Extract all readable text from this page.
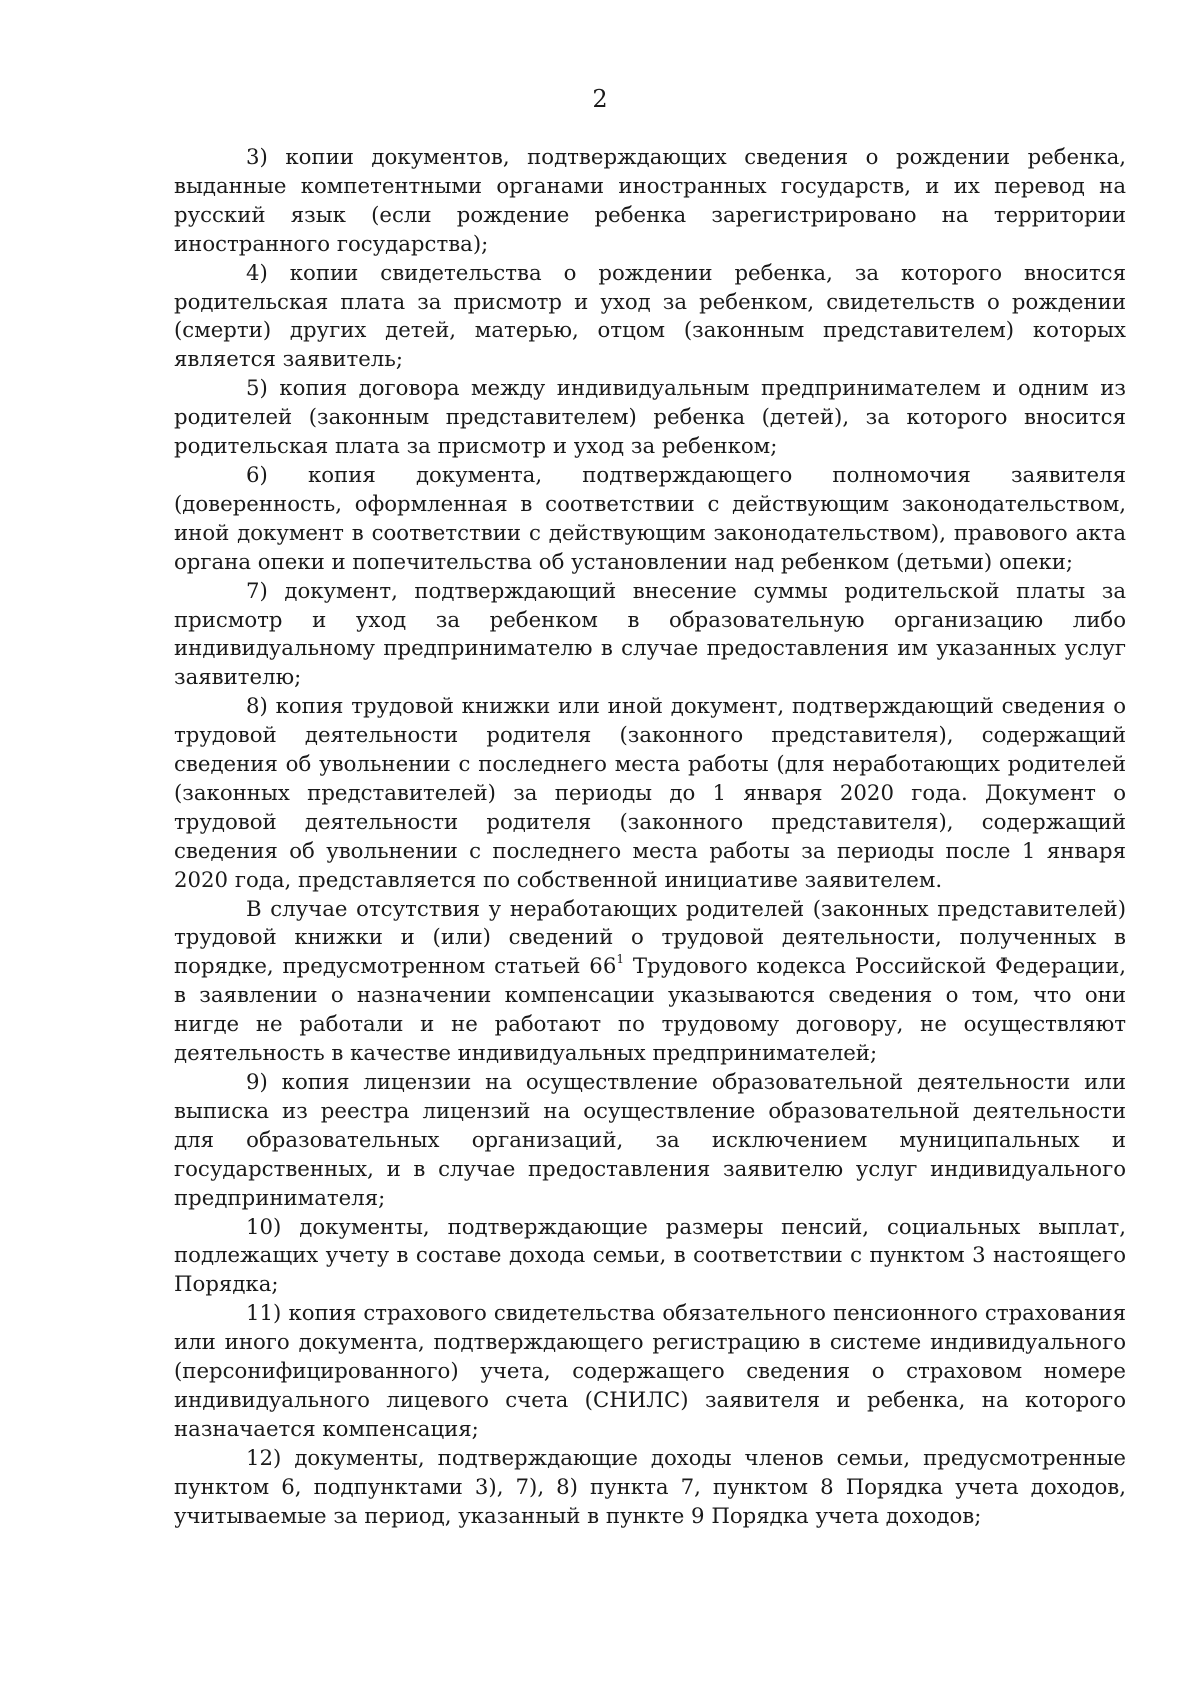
2

3) копии документов, подтверждающих сведения о рождении ребенка, выданные компетентными органами иностранных государств, и их перевод на русский язык (если рождение ребенка зарегистрировано на территории иностранного государства);

4) копии свидетельства о рождении ребенка, за которого вносится родительская плата за присмотр и уход за ребенком, свидетельств о рождении (смерти) других детей, матерью, отцом (законным представителем) которых является заявитель;

5) копия договора между индивидуальным предпринимателем и одним из родителей (законным представителем) ребенка (детей), за которого вносится родительская плата за присмотр и уход за ребенком;

6) копия документа, подтверждающего полномочия заявителя (доверенность, оформленная в соответствии с действующим законодательством, иной документ в соответствии с действующим законодательством), правового акта органа опеки и попечительства об установлении над ребенком (детьми) опеки;

7) документ, подтверждающий внесение суммы родительской платы за присмотр и уход за ребенком в образовательную организацию либо индивидуальному предпринимателю в случае предоставления им указанных услуг заявителю;

8) копия трудовой книжки или иной документ, подтверждающий сведения о трудовой деятельности родителя (законного представителя), содержащий сведения об увольнении с последнего места работы (для неработающих родителей (законных представителей) за периоды до 1 января 2020 года. Документ о трудовой деятельности родителя (законного представителя), содержащий сведения об увольнении с последнего места работы за периоды после 1 января 2020 года, представляется по собственной инициативе заявителем.

В случае отсутствия у неработающих родителей (законных представителей) трудовой книжки и (или) сведений о трудовой деятельности, полученных в порядке, предусмотренном статьей $66^1$ Трудового кодекса Российской Федерации, в заявлении о назначении компенсации указываются сведения о том, что они нигде не работали и не работают по трудовому договору, не осуществляют деятельность в качестве индивидуальных предпринимателей;

9) копия лицензии на осуществление образовательной деятельности или выписка из реестра лицензий на осуществление образовательной деятельности для образовательных организаций, за исключением муниципальных и государственных, и в случае предоставления заявителю услуг индивидуального предпринимателя;

10) документы, подтверждающие размеры пенсий, социальных выплат, подлежащих учету в составе дохода семьи, в соответствии с пунктом 3 настоящего Порядка;

11) копия страхового свидетельства обязательного пенсионного страхования или иного документа, подтверждающего регистрацию в системе индивидуального (персонифицированного) учета, содержащего сведения о страховом номере индивидуального лицевого счета (СНИЛС) заявителя и ребенка, на которого назначается компенсация;

12) документы, подтверждающие доходы членов семьи, предусмотренные пунктом 6, подпунктами 3), 7), 8) пункта 7, пунктом 8 Порядка учета доходов, учитываемые за период, указанный в пункте 9 Порядка учета доходов;
